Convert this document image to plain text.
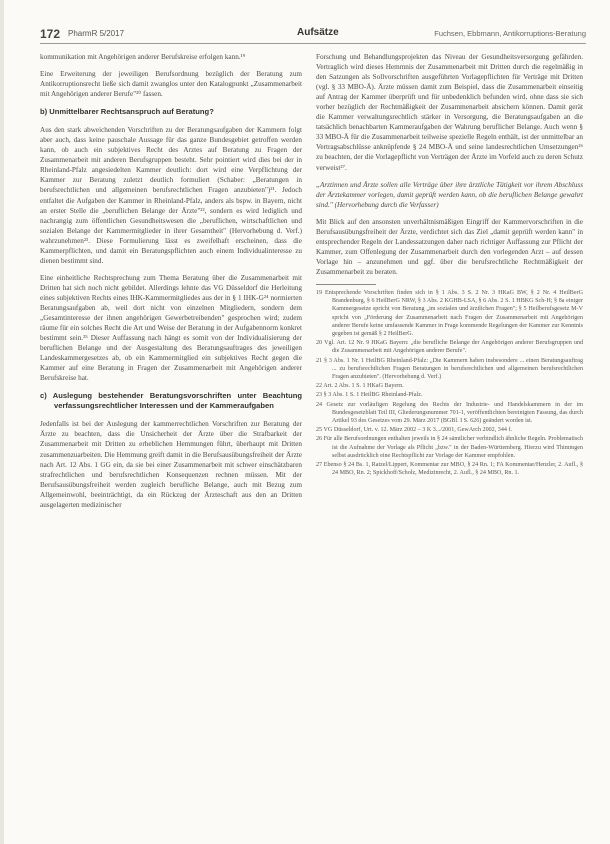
172 PharmR 5/2017	Aufsätze	Fuchsen, Ebbmann, Antikorruptions-Beratung

kommunikation mit Angehörigen anderer Berufskreise erfolgen kann.¹⁹

Eine Erweiterung der jeweiligen Berufsordnung bezüglich der Beratung zum Antikorruptionsrecht ließe sich damit zwanglos unter den Katalogpunkt „Zusammenarbeit mit Angehörigen anderer Berufe"²⁰ fassen.

b) Unmittelbarer Rechtsanspruch auf Beratung?

Aus den stark abweichenden Vorschriften zu der Beratungsaufgaben der Kammern folgt aber auch, dass keine pauschale Aussage für das ganze Bundesgebiet getroffen werden kann, ob auch ein subjektives Recht des Arztes auf Beratung zu Fragen der Zusammenarbeit mit anderen Berufsgruppen besteht. Sehr pointiert wird dies bei der in Rheinland-Pfalz angesiedelten Kammer deutlich: dort wird eine Verpflichtung der Kammer zur Beratung zuletzt deutlich formuliert (Schaber: „Beratungen in berufsrechtlichen und allgemeinen berufsrechtlichen Fragen anzubieten")²¹. Jedoch entfaltet die Aufgaben der Kammer in Rheinland-Pfalz, anders als bspw. in Bayern, nicht an erster Stelle die „beruflichen Belange der Ärzte"²², sondern es wird lediglich und nachrangig zum öffentlichen Gesundheitswesen die „beruflichen, wirtschaftlichen und sozialen Belange der Kammermitglieder in ihrer Gesamtheit" (Hervorhebung d. Verf.) wahrzunehmen²³. Diese Formulierung lässt es zweifelhaft erscheinen, dass die Kammerpflichten, und damit ein Beratungspflichten auch einem Individualinteresse zu dienen bestimmt sind.

Eine einheitliche Rechtsprechung zum Thema Beratung über die Zusammenarbeit mit Dritten hat sich noch nicht gebildet. Allerdings lehnte das VG Düsseldorf die Herleitung eines subjektiven Rechts eines IHK-Kammermitgliedes aus der in § 1 IHK-G²⁴ normierten Beratungsaufgaben ab, weil dort nicht von einzelnen Mitgliedern, sondern dem „Gesamtinteresse der ihnen angehörigen Gewerbetreibenden" gesprochen wird; zudem räume für ein solches Recht die Art und Weise der Beratung in der Aufgabennorm konkret bestimmt sein.²⁵ Dieser Auffassung nach hängt es somit von der Individualisierung der beruflichen Belange und der Ausgestaltung des Beratungsauftrages des jeweiligen Landeskammergesetzes ab, ob ein Kammermitglied ein subjektives Recht gegen die Kammer auf eine Beratung in Fragen der Zusammenarbeit mit Angehörigen anderer Berufskreise hat.

c) Auslegung bestehender Beratungsvorschriften unter Beachtung verfassungsrechtlicher Interessen und der Kammeraufgaben

Jedenfalls ist bei der Auslegung der kammerrechtlichen Vorschriften zur Beratung der Ärzte zu beachten, dass die Unsicherheit der Ärzte über die Strafbarkeit der Zusammenarbeit mit Dritten zu erheblichen Hemmungen führt, überhaupt mit Dritten zusammenzuarbeiten. Die Hemmung greift damit in die Berufsausübungsfreiheit der Ärzte nach Art. 12 Abs. 1 GG ein, da sie bei einer Zusammenarbeit mit schwer einschätzbaren strafrechtlichen und berufsrechtlichen Konsequenzen rechnen müssen. Mit der Berufsausübungsfreiheit werden zugleich berufliche Belange, auch mit Bezug zum Allgemeinwohl, beeinträchtigt, da ein Rückzug der Ärzteschaft aus den an Dritten ausgelagerten medizinischer

Forschung und Behandlungsprojekten das Niveau der Gesundheitsversorgung gefährden. Vertraglich wird dieses Hemmnis der Zusammenarbeit mit Dritten durch die regelmäßig in den Satzungen als Sollvorschriften ausgeführten Vorlagepflichten für Verträge mit Dritten (vgl. § 33 MBO-Ä). Ärzte müssen damit zum Beispiel, dass die Zusammenarbeit einseitig auf Antrag der Kammer überprüft und für unbedenklich befunden wird, ohne dass sie sich vorher bezüglich der Rechtmäßigkeit der Zusammenarbeit absichern können. Damit gerät die Kammer verwaltungsrechtlich stärker in Versorgung, die Beratungsaufgaben an die tatsächlich benachbarten Kammeraufgaben der Wahrung beruflicher Belange. Auch wenn § 33 MBO-Ä für die Zusammenarbeit teilweise spezielle Regeln enthält, ist der unmittelbar an Vertragsabschlüsse anknüpfende § 24 MBO-Ä und seine landesrechtlichen Umsetzungen²⁶ zu beachten, der die Vorlagepflicht von Verträgen der Ärzte im Vorfeld auch zu deren Schutz verweist²⁷.

„Arztinnen und Ärzte sollen alle Verträge über ihre ärztliche Tätigkeit vor ihrem Abschluss der Ärztekammer vorlegen, damit geprüft werden kann, ob die beruflichen Belange gewahrt sind." (Hervorhebung durch die Verfasser)

Mit Blick auf den ansonsten unverhältnismäßigen Eingriff der Kammervorschriften in die Berufsausübungsfreiheit der Ärzte, verdichtet sich das Ziel „damit geprüft werden kann" in entsprechender Regeln der Landessatzungen daher nach richtiger Auffassung zur Pflicht der Kammer, zum Offenlegung der Zusammenarbeit durch den vorlegenden Arzt – auf dessen Vorlage hin – anzunehmen und ggf. über die berufsrechtliche Rechtmäßigkeit der Zusammenarbeit zu beraten.

19 Entsprechende Vorschriften finden sich in § 1 Abs. 3 S. 2 Nr. 3 HKaG BW, § 2 Nr. 4 HeilBerG Brandenburg, § 6 HeilBerG NRW, § 3 Abs. 2 KGHB-LSA, § 6 Abs. 2 S. 1 HBKG Sch-H; § 8a einiger Kammergesetze spricht von Beratung „im sozialen und ärztlichen Fragen"; § 5 Heilberufsgesetz M-V spricht von „Förderung der Zusammenarbeit nach Fragen der Zusammenarbeit mit Angehörigen anderer Berufe keine umfassende Kammer in Frage kommende Regelungen der Kammer zur Kenntnis gegeben ist gemäß § 2 HeilBerG.
20 Vgl. Art. 12 Nr. 9 HKaG Bayern: „die berufliche Belange der Angehörigen anderer Berufsgruppen und die Zusammenarbeit mit Angehörigen anderer Berufe".
21 § 3 Abs. 1 Nr. 1 HeilBG Rheinland-Pfalz: „Die Kammern haben insbesondere ... einen Beratungsauftrag ... zu berufsrechtlichen Fragen Beratungen in berufsrechtlichen und allgemeinen berufsrechtlichen Fragen anzubieten". (Hervorhebung d. Verf.)
22 Art. 2 Abs. 1 S. 1 HKaG Bayern.
23 § 3 Abs. 1 S. 1 HeilBG Rheinland-Pfalz.
24 Gesetz zur vorläufigen Regelung des Rechts der Industrie- und Handelskammern in der im Bundesgesetzblatt Teil III, Gliederungsnummer 701-1, veröffentlichten bereinigten Fassung, das durch Artikel 93 des Gesetzes vom 29. März 2017 (BGBl. I S. 626) geändert worden ist.
25 VG Düsseldorf, Urt. v. 12. März 2002 – 3 K 3.../2001, GewArch 2002, 344 f.
26 Für alle Berufsordnungen enthalten jeweils in § 24 sämtlicher verbindlich ähnliche Regeln. Problematisch ist die Aufnahme der Vorlage als Pflicht „bzw." in der Baden-Württemberg. Hierzu wird Thimmgen selbst ausdrücklich eine Rechtspflicht zur Vorlage der Kammer empfohlen.
27 Ebenso § 24 Bs. 1, Ratzel/Lippert, Kommentar zur MBO, § 24 Rn. 1; FA Kommentar/Henzler, 2. Aufl., § 24 MBO, Rn. 2; Spickhoff/Scholz, Medizinrecht, 2. Aufl., § 24 MBO, Rn. 1.
